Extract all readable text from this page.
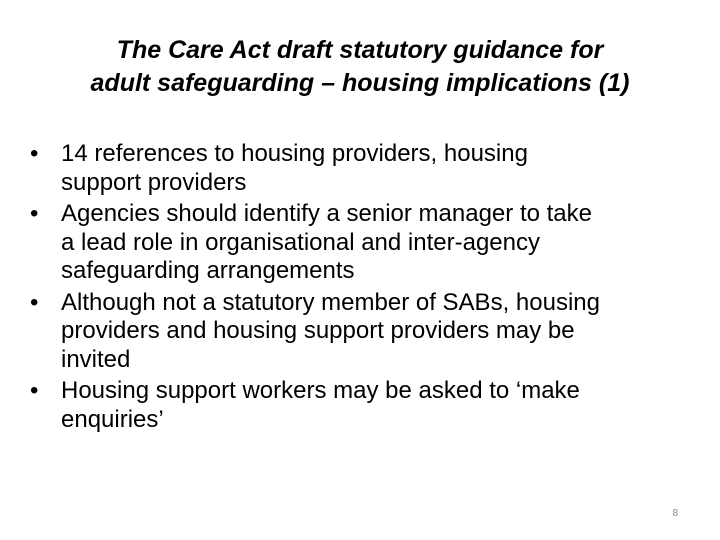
The Care Act draft statutory guidance for
adult safeguarding – housing implications (1)
• 14 references to housing providers, housing
support providers
• Agencies should identify a senior manager to take
a lead role in organisational and inter-agency
safeguarding arrangements
• Although not a statutory member of SABs, housing
providers and housing support providers may be
invited
• Housing support workers may be asked to ‘make
enquiries’
8
